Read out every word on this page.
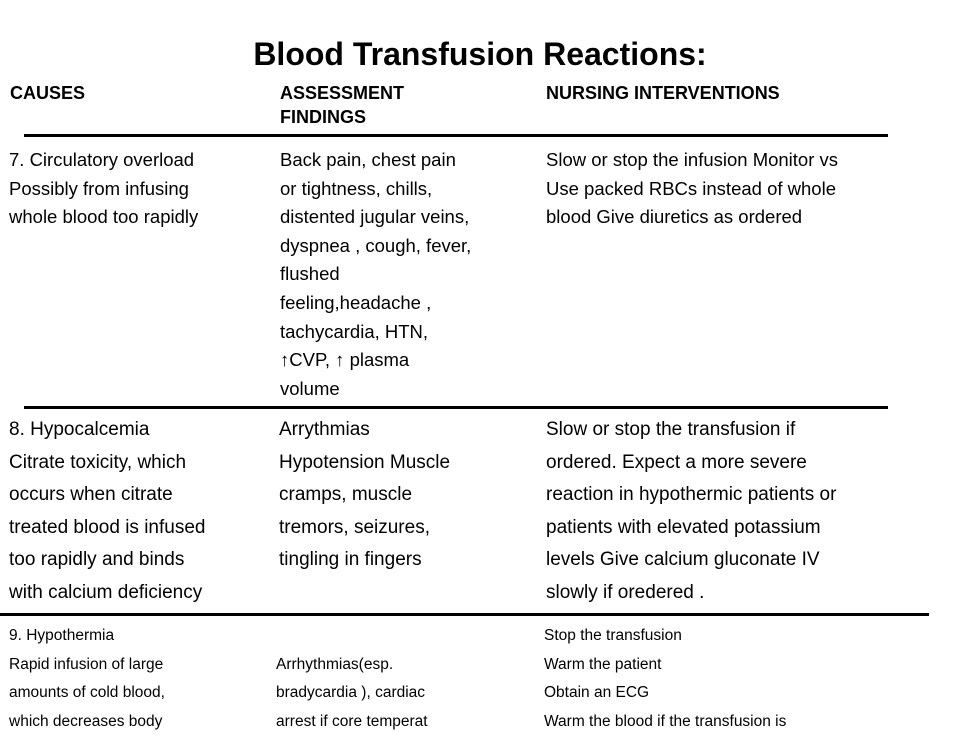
Blood Transfusion Reactions:
CAUSES	ASSESSMENT
FINDINGS
NURSING INTERVENTIONS
7. Circulatory overload
Possibly from infusing
whole blood too rapidly
Back pain, chest pain
or tightness, chills,
distented jugular veins,
dyspnea , cough, fever,
flushed
feeling,headache ,
tachycardia, HTN,
↑CVP, ↑ plasma
volume
Slow or stop the infusion Monitor vs
Use packed RBCs instead of whole
blood Give diuretics as ordered
8. Hypocalcemia
Citrate toxicity, which
occurs when citrate
treated blood is infused
too rapidly and binds
with calcium deficiency
Arrythmias
Hypotension Muscle
cramps, muscle
tremors, seizures,
tingling in fingers
Slow or stop the transfusion if
ordered. Expect a more severe
reaction in hypothermic patients or
patients with elevated potassium
levels Give calcium gluconate IV
slowly if oredered .
9. Hypothermia
Rapid infusion of large
amounts of cold blood,
which decreases body

Arrhythmias(esp.
bradycardia ), cardiac
arrest if core temperat
Stop the transfusion
Warm the patient
Obtain an ECG
Warm the blood if the transfusion is
